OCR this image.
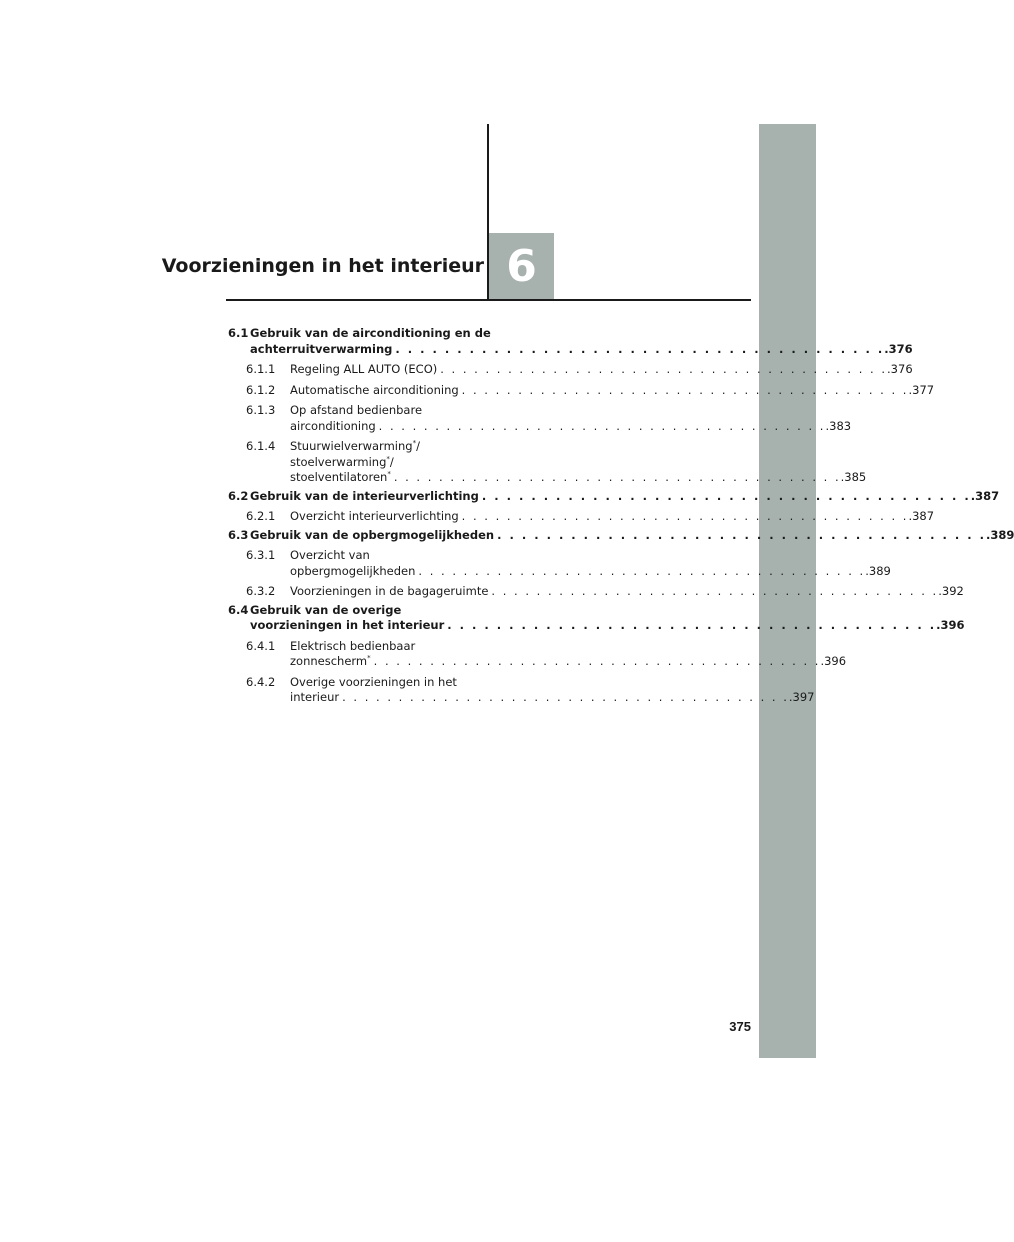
Voorzieningen in het interieur 6
6.1 Gebruik van de airconditioning en de
achterruitverwarming . . . . . . . . . . . . . . . . . . . . . . . . . . . . . . . . . . . . . . . . .376
6.1.1 Regeling ALL AUTO (ECO) . . . . . . . . . . . . . . . . . . . . . . . . . . . . . . . . . . . . . . . . .376
6.1.2 Automatische airconditioning . . . . . . . . . . . . . . . . . . . . . . . . . . . . . . . . . . . . . . . . .377
6.1.3 Op afstand bedienbare
airconditioning . . . . . . . . . . . . . . . . . . . . . . . . . . . . . . . . . . . . . . . . .383
6.1.4 Stuurwielverwarming*/
stoelverwarming*/
stoelventilatoren* . . . . . . . . . . . . . . . . . . . . . . . . . . . . . . . . . . . . . . . . .385
6.2 Gebruik van de interieurverlichting . . . . . . . . . . . . . . . . . . . . . . . . . . . . . . . . . . . . . . . . .387
6.2.1 Overzicht interieurverlichting . . . . . . . . . . . . . . . . . . . . . . . . . . . . . . . . . . . . . . . . .387
6.3 Gebruik van de opbergmogelijkheden . . . . . . . . . . . . . . . . . . . . . . . . . . . . . . . . . . . . . . . . .389
6.3.1 Overzicht van
opbergmogelijkheden . . . . . . . . . . . . . . . . . . . . . . . . . . . . . . . . . . . . . . . . .389
6.3.2 Voorzieningen in de bagageruimte . . . . . . . . . . . . . . . . . . . . . . . . . . . . . . . . . . . . . . . . .392
6.4 Gebruik van de overige
voorzieningen in het interieur . . . . . . . . . . . . . . . . . . . . . . . . . . . . . . . . . . . . . . . . .396
6.4.1 Elektrisch bedienbaar
zonnescherm* . . . . . . . . . . . . . . . . . . . . . . . . . . . . . . . . . . . . . . . . .396
6.4.2 Overige voorzieningen in het
interieur . . . . . . . . . . . . . . . . . . . . . . . . . . . . . . . . . . . . . . . . .397
375
